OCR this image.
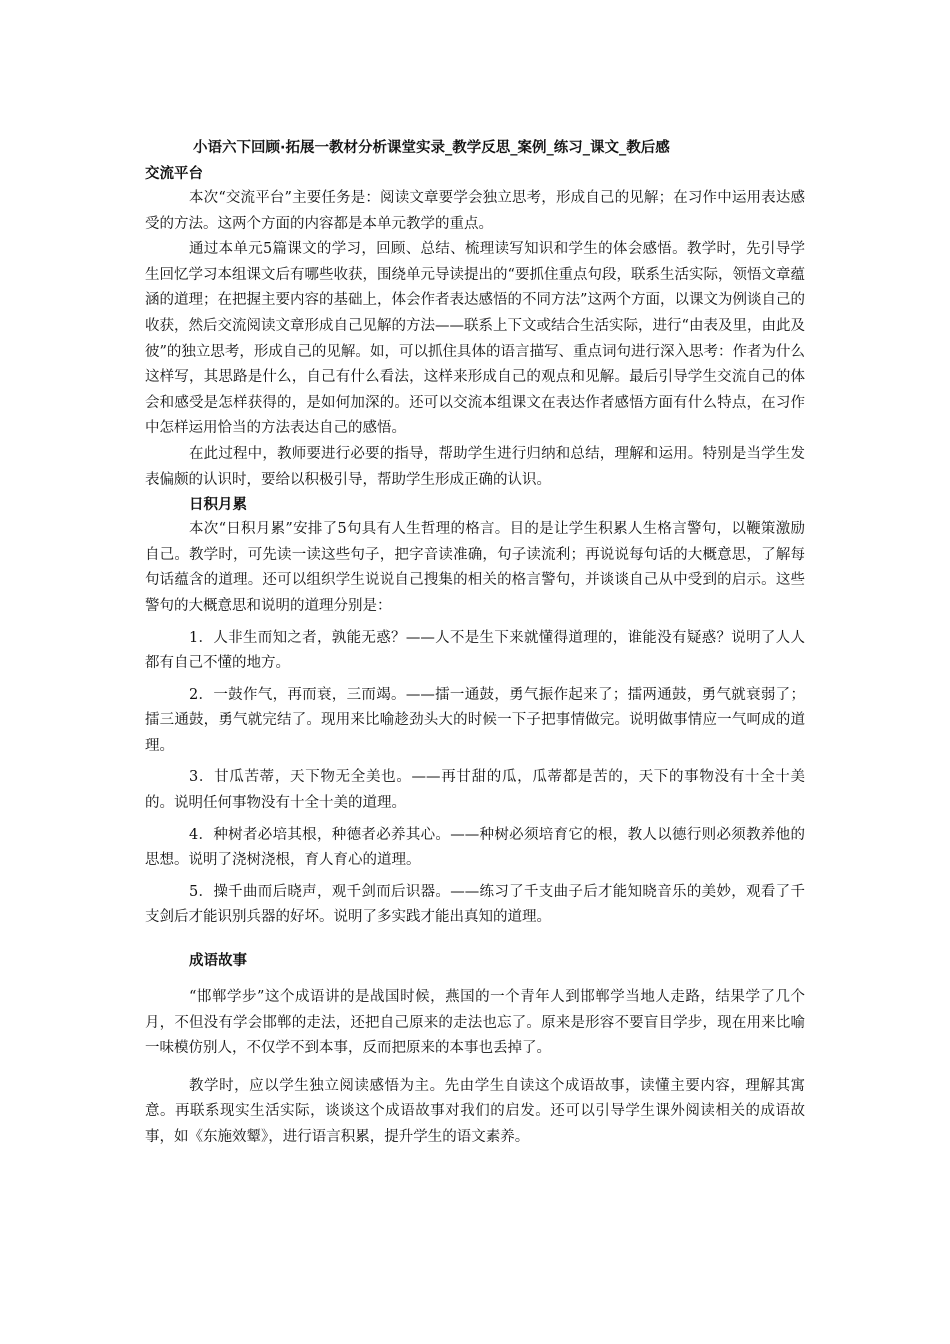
小语六下回顾·拓展一教材分析课堂实录_教学反思_案例_练习_课文_教后感
交流平台

本次“交流平台”主要任务是：阅读文章要学会独立思考，形成自己的见解；在习作中运用表达感受的方法。这两个方面的内容都是本单元教学的重点。

通过本单元5篇课文的学习，回顾、总结、梳理读写知识和学生的体会感悟。教学时，先引导学生回忆学习本组课文后有哪些收获，围绕单元导读提出的“要抓住重点句段，联系生活实际，领悟文章蕴涵的道理；在把握主要内容的基础上，体会作者表达感悟的不同方法”这两个方面，以课文为例谈自己的收获，然后交流阅读文章形成自己见解的方法——联系上下文或结合生活实际，进行“由表及里，由此及彼”的独立思考，形成自己的见解。如，可以抓住具体的语言描写、重点词句进行深入思考：作者为什么这样写，其思路是什么，自己有什么看法，这样来形成自己的观点和见解。最后引导学生交流自己的体会和感受是怎样获得的，是如何加深的。还可以交流本组课文在表达作者感悟方面有什么特点，在习作中怎样运用恰当的方法表达自己的感悟。

在此过程中，教师要进行必要的指导，帮助学生进行归纳和总结，理解和运用。特别是当学生发表偏颇的认识时，要给以积极引导，帮助学生形成正确的认识。

日积月累

本次“日积月累”安排了5句具有人生哲理的格言。目的是让学生积累人生格言警句，以鞭策激励自己。教学时，可先读一读这些句子，把字音读准确，句子读流利；再说说每句话的大概意思，了解每句话蕴含的道理。还可以组织学生说说自己搜集的相关的格言警句，并谈谈自己从中受到的启示。这些警句的大概意思和说明的道理分别是：

1．人非生而知之者，孰能无惑？——人不是生下来就懂得道理的，谁能没有疑惑？说明了人人都有自己不懂的地方。

2．一鼓作气，再而衰，三而竭。——擂一通鼓，勇气振作起来了；擂两通鼓，勇气就衰弱了；擂三通鼓，勇气就完结了。现用来比喻趁劲头大的时候一下子把事情做完。说明做事情应一气呵成的道理。

3．甘瓜苦蒂，天下物无全美也。——再甘甜的瓜，瓜蒂都是苦的，天下的事物没有十全十美的。说明任何事物没有十全十美的道理。

4．种树者必培其根，种德者必养其心。——种树必须培育它的根，教人以德行则必须教养他的思想。说明了浇树浇根，育人育心的道理。

5．操千曲而后晓声，观千剑而后识器。——练习了千支曲子后才能知晓音乐的美妙，观看了千支剑后才能识别兵器的好坏。说明了多实践才能出真知的道理。

成语故事

“邯郸学步”这个成语讲的是战国时候，燕国的一个青年人到邯郸学当地人走路，结果学了几个月，不但没有学会邯郸的走法，还把自己原来的走法也忘了。原来是形容不要盲目学步，现在用来比喻一味模仿别人，不仅学不到本事，反而把原来的本事也丢掉了。

教学时，应以学生独立阅读感悟为主。先由学生自读这个成语故事，读懂主要内容，理解其寓意。再联系现实生活实际，谈谈这个成语故事对我们的启发。还可以引导学生课外阅读相关的成语故事，如《东施效颦》，进行语言积累，提升学生的语文素养。
